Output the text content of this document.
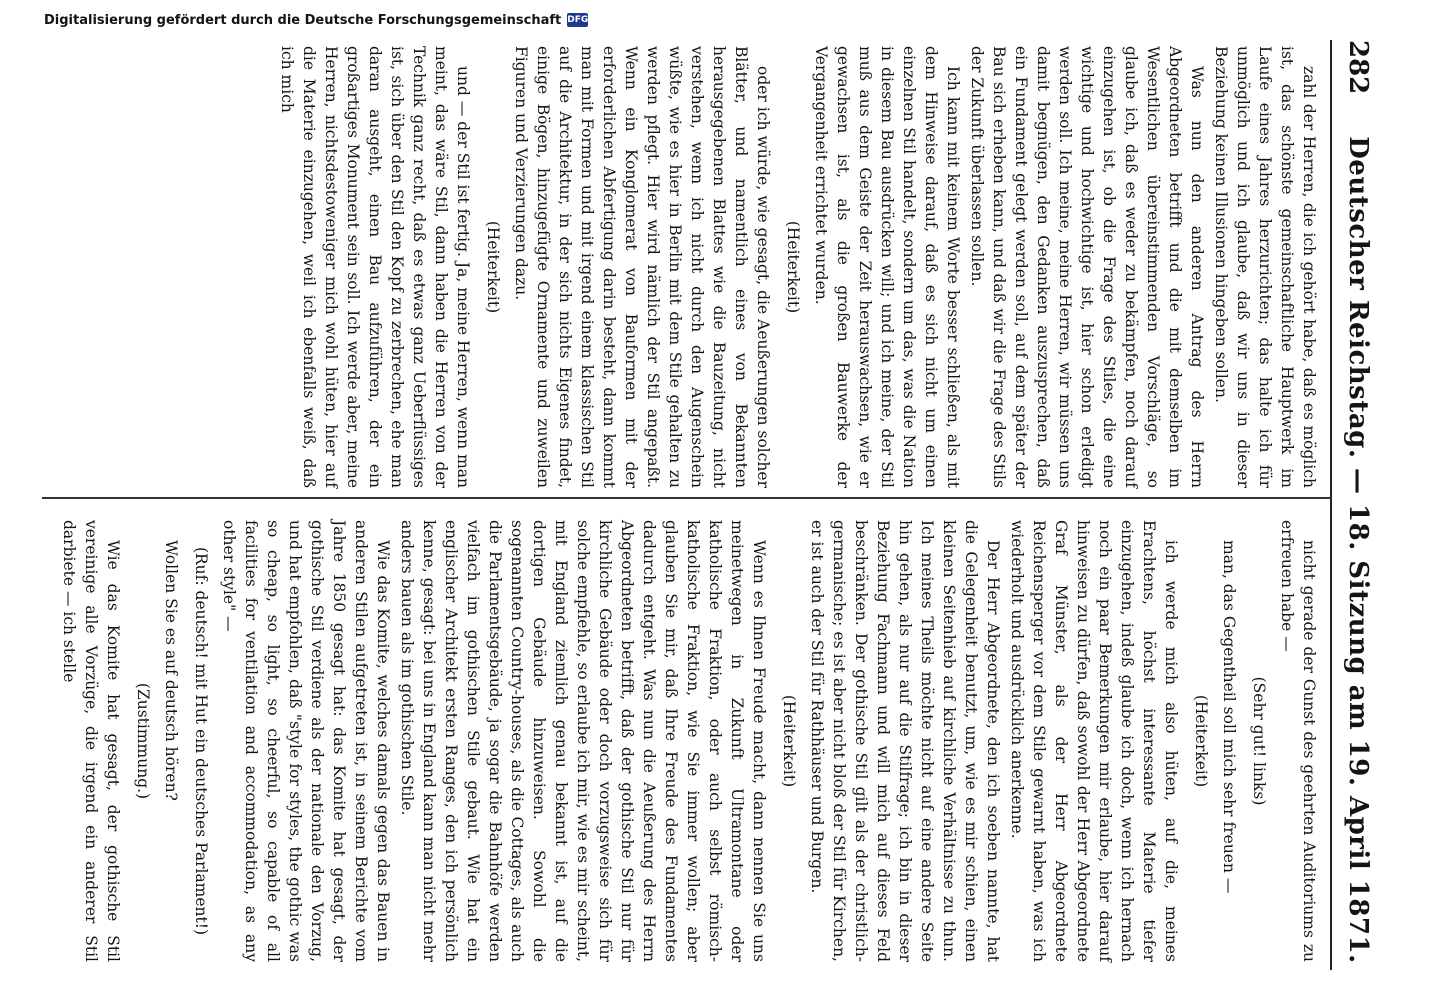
282
Deutscher Reichstag. — 18. Sitzung am 19. April 1871.

zahl der Herren, die ich gehört habe, daß es möglich ist, das schönste gemeinschaftliche Hauptwerk im Laufe eines Jahres herzurichten; das halte ich für unmöglich und ich glaube, daß wir uns in dieser Beziehung keinen Illusionen hingeben sollen.

Was nun den anderen Antrag des Herrn Abgeordneten betrifft und die mit demselben im Wesentlichen übereinstimmenden Vorschläge, so glaube ich, daß es weder zu bekämpfen, noch darauf einzugehen ist, ob die Frage des Stiles, die eine wichtige und hochwichtige ist, hier schon erledigt werden soll. Ich meine, meine Herren, wir müssen uns damit begnügen, den Gedanken auszusprechen, daß ein Fundament gelegt werden soll, auf dem später der Bau sich erheben kann, und daß wir die Frage des Stils der Zukunft überlassen sollen.

Ich kann mit keinem Worte besser schließen, als mit dem Hinweise darauf, daß es sich nicht um einen einzelnen Stil handelt, sondern um das, was die Nation in diesem Bau ausdrücken will; und ich meine, der Stil muß aus dem Geiste der Zeit herauswachsen, wie er gewachsen ist, als die großen Bauwerke der Vergangenheit errichtet wurden.

(Heiterkeit)

oder ich würde, wie gesagt, die Aeußerungen solcher Blätter, und namentlich eines von Bekannten herausgegebenen Blattes wie die Bauzeitung, nicht verstehen, wenn ich nicht durch den Augenschein wüßte, wie es hier in Berlin mit dem Stile gehalten zu werden pflegt. Hier wird nämlich der Stil angepaßt. Wenn ein Konglomerat von Bauformen mit der erforderlichen Abfertigung darin besteht, dann kommt man mit Formen und mit irgend einem klassischen Stil auf die Architektur, in der sich nichts Eigenes findet, einige Bögen, hinzugefügte Ornamente und zuweilen Figuren und Verzierungen dazu.

(Heiterkeit)

und — der Stil ist fertig. Ja, meine Herren, wenn man meint, das wäre Stil, dann haben die Herren von der Technik ganz recht, daß es etwas ganz Ueberflüssiges ist, sich über den Stil den Kopf zu zerbrechen, ehe man daran ausgeht, einen Bau aufzuführen, der ein großartiges Monument sein soll. Ich werde aber, meine Herren, nichtsdestoweniger mich wohl hüten, hier auf die Materie einzugehen, weil ich ebenfalls weiß, daß ich mich

nicht gerade der Gunst des geehrten Auditoriums zu erfreuen habe —

(Sehr gut! links)

man, das Gegentheil soll mich sehr freuen —

(Heiterkeit)

ich werde mich also hüten, auf die, meines Erachtens, höchst interessante Materie tiefer einzugehen, indeß glaube ich doch, wenn ich hernach noch ein paar Bemerkungen mir erlaube, hier darauf hinweisen zu dürfen, daß sowohl der Herr Abgeordnete Graf Münster, als der Herr Abgeordnete Reichensperger vor dem Stile gewarnt haben, was ich wiederholt und ausdrücklich anerkenne.

Der Herr Abgeordnete, den ich soeben nannte, hat die Gelegenheit benutzt, um, wie es mir schien, einen kleinen Seitenhieb auf kirchliche Verhältnisse zu thun. Ich meines Theils möchte nicht auf eine andere Seite hin gehen, als nur auf die Stilfrage; ich bin in dieser Beziehung Fachmann und will mich auf dieses Feld beschränken. Der gothische Stil gilt als der christlich-germanische; es ist aber nicht bloß der Stil für Kirchen, er ist auch der Stil für Rathhäuser und Burgen.

(Heiterkeit)

Wenn es Ihnen Freude macht, dann nennen Sie uns meinetwegen in Zukunft Ultramontane oder katholische Fraktion, oder auch selbst römisch-katholische Fraktion, wie Sie immer wollen; aber glauben Sie mir, daß Ihre Freude des Fundamentes dadurch entgeht. Was nun die Aeußerung des Herrn Abgeordneten betrifft, daß der gothische Stil nur für kirchliche Gebäude oder doch vorzugsweise sich für solche empfiehle, so erlaube ich mir, wie es mir scheint, mit England ziemlich genau bekannt ist, auf die dortigen Gebäude hinzuweisen. Sowohl die sogenannten Country-houses, als die Cottages, als auch die Parlamentsgebäude, ja sogar die Bahnhöfe werden vielfach im gothischen Stile gebaut. Wie hat ein englischer Architekt ersten Ranges, den ich persönlich kenne, gesagt: bei uns in England kann man nicht mehr anders bauen als im gothischen Stile.

Wie das Komite, welches damals gegen das Bauen in anderen Stilen aufgetreten ist, in seinem Berichte vom Jahre 1850 gesagt hat: das Komite hat gesagt, der gothische Stil verdiene als der nationale den Vorzug, und hat empfohlen, daß "style for styles, the gothic was so cheap, so light, so cheerful, so capable of all facilities for ventilation and accommodation, as any other style" —

(Ruf: deutsch! mit Hut ein deutsches Parlament!)

Wollen Sie es auf deutsch hören?

(Zustimmung.)

Wie das Komite hat gesagt, der gothische Stil vereinige alle Vorzüge, die irgend ein anderer Stil darbiete — ich stelle

Digitalisierung gefördert durch die Deutsche Forschungsgemeinschaft DFG
